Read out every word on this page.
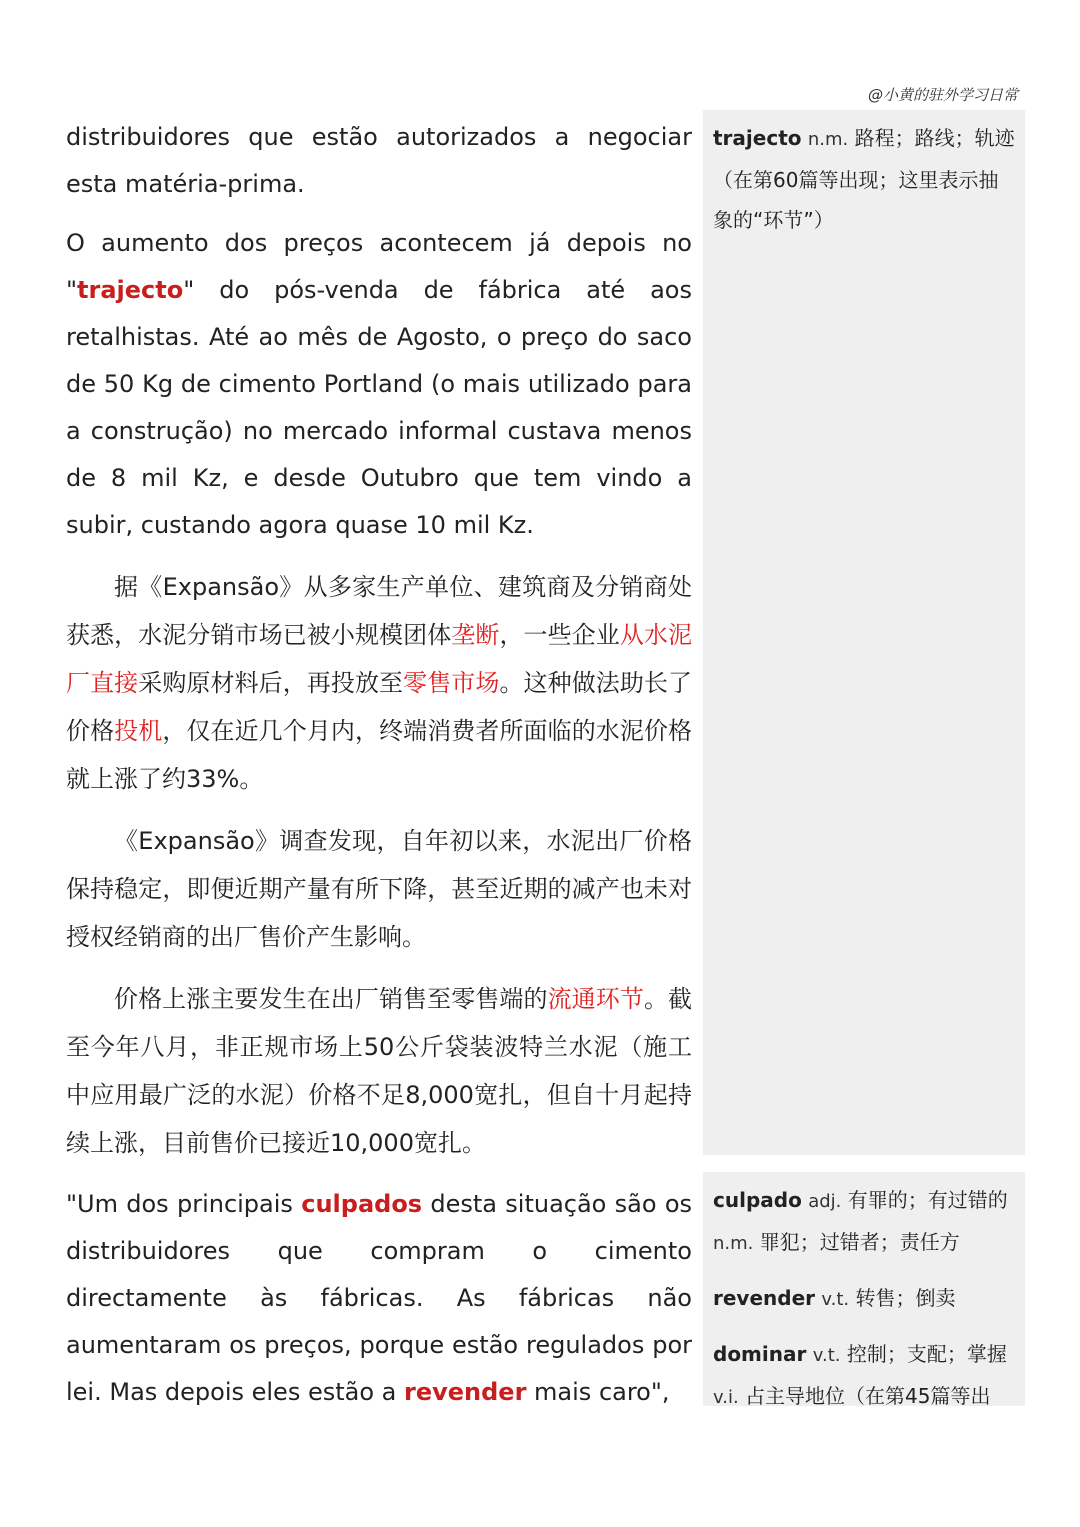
@小黄的驻外学习日常

distribuidores que estão autorizados a negociar esta matéria-prima.

O aumento dos preços acontecem já depois no "trajecto" do pós-venda de fábrica até aos retalhistas. Até ao mês de Agosto, o preço do saco de 50 Kg de cimento Portland (o mais utilizado para a construção) no mercado informal custava menos de 8 mil Kz, e desde Outubro que tem vindo a subir, custando agora quase 10 mil Kz.

据《Expansão》从多家生产单位、建筑商及分销商处获悉，水泥分销市场已被小规模团体垄断，一些企业从水泥厂直接采购原材料后，再投放至零售市场。这种做法助长了价格投机，仅在近几个月内，终端消费者所面临的水泥价格就上涨了约33%。

《Expansão》调查发现，自年初以来，水泥出厂价格保持稳定，即便近期产量有所下降，甚至近期的减产也未对授权经销商的出厂售价产生影响。

价格上涨主要发生在出厂销售至零售端的流通环节。截至今年八月，非正规市场上50公斤袋装波特兰水泥（施工中应用最广泛的水泥）价格不足8,000宽扎，但自十月起持续上涨，目前售价已接近10,000宽扎。

"Um dos principais culpados desta situação são os distribuidores que compram o cimento directamente às fábricas. As fábricas não aumentaram os preços, porque estão regulados por lei. Mas depois eles estão a revender mais caro",

trajecto n.m. 路程；路线；轨迹（在第60篇等出现；这里表示抽象的“环节”）
culpado adj. 有罪的；有过错的
n.m. 罪犯；过错者；责任方
revender v.t. 转售；倒卖
dominar v.t. 控制；支配；掌握
v.i. 占主导地位（在第45篇等出
